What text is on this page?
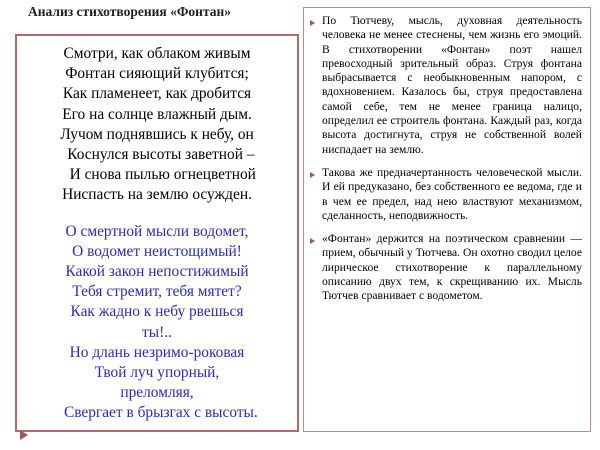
Анализ стихотворения «Фонтан»
Смотри, как облаком живым
Фонтан сияющий клубится;
Как пламенеет, как дробится
Его на солнце влажный дым.
Лучом поднявшись к небу, он
Коснулся высоты заветной –
И снова пылью огнецветной
Ниспасть на землю осужден.
О смертной мысли водомет,
О водомет неистощимый!
Какой закон непостижимый
Тебя стремит, тебя мятет?
Как жадно к небу рвешься
ты!..
Но длань незримо-роковая
Твой луч упорный,
преломляя,
Свергает в брызгах с высоты.
По Тютчеву, мысль, духовная деятельность человека не менее стеснены, чем жизнь его эмоций. В стихотворении «Фонтан» поэт нашел превосходный зрительный образ. Струя фонтана выбрасывается с необыкновенным напором, с вдохновением. Казалось бы, струя предоставлена самой себе, тем не менее граница налицо, определил ее строитель фонтана. Каждый раз, когда высота достигнута, струя не собственной волей ниспадает на землю.
Такова же предначертанность человеческой мысли. И ей предуказано, без собственного ее ведома, где и в чем ее предел, над нею властвуют механизмом, сделанность, неподвижность.
«Фонтан» держится на поэтическом сравнении — прием, обычный у Тютчева. Он охотно сводил целое лирическое стихотворение к параллельному описанию двух тем, к скрещиванию их. Мысль Тютчев сравнивает с водометом.
